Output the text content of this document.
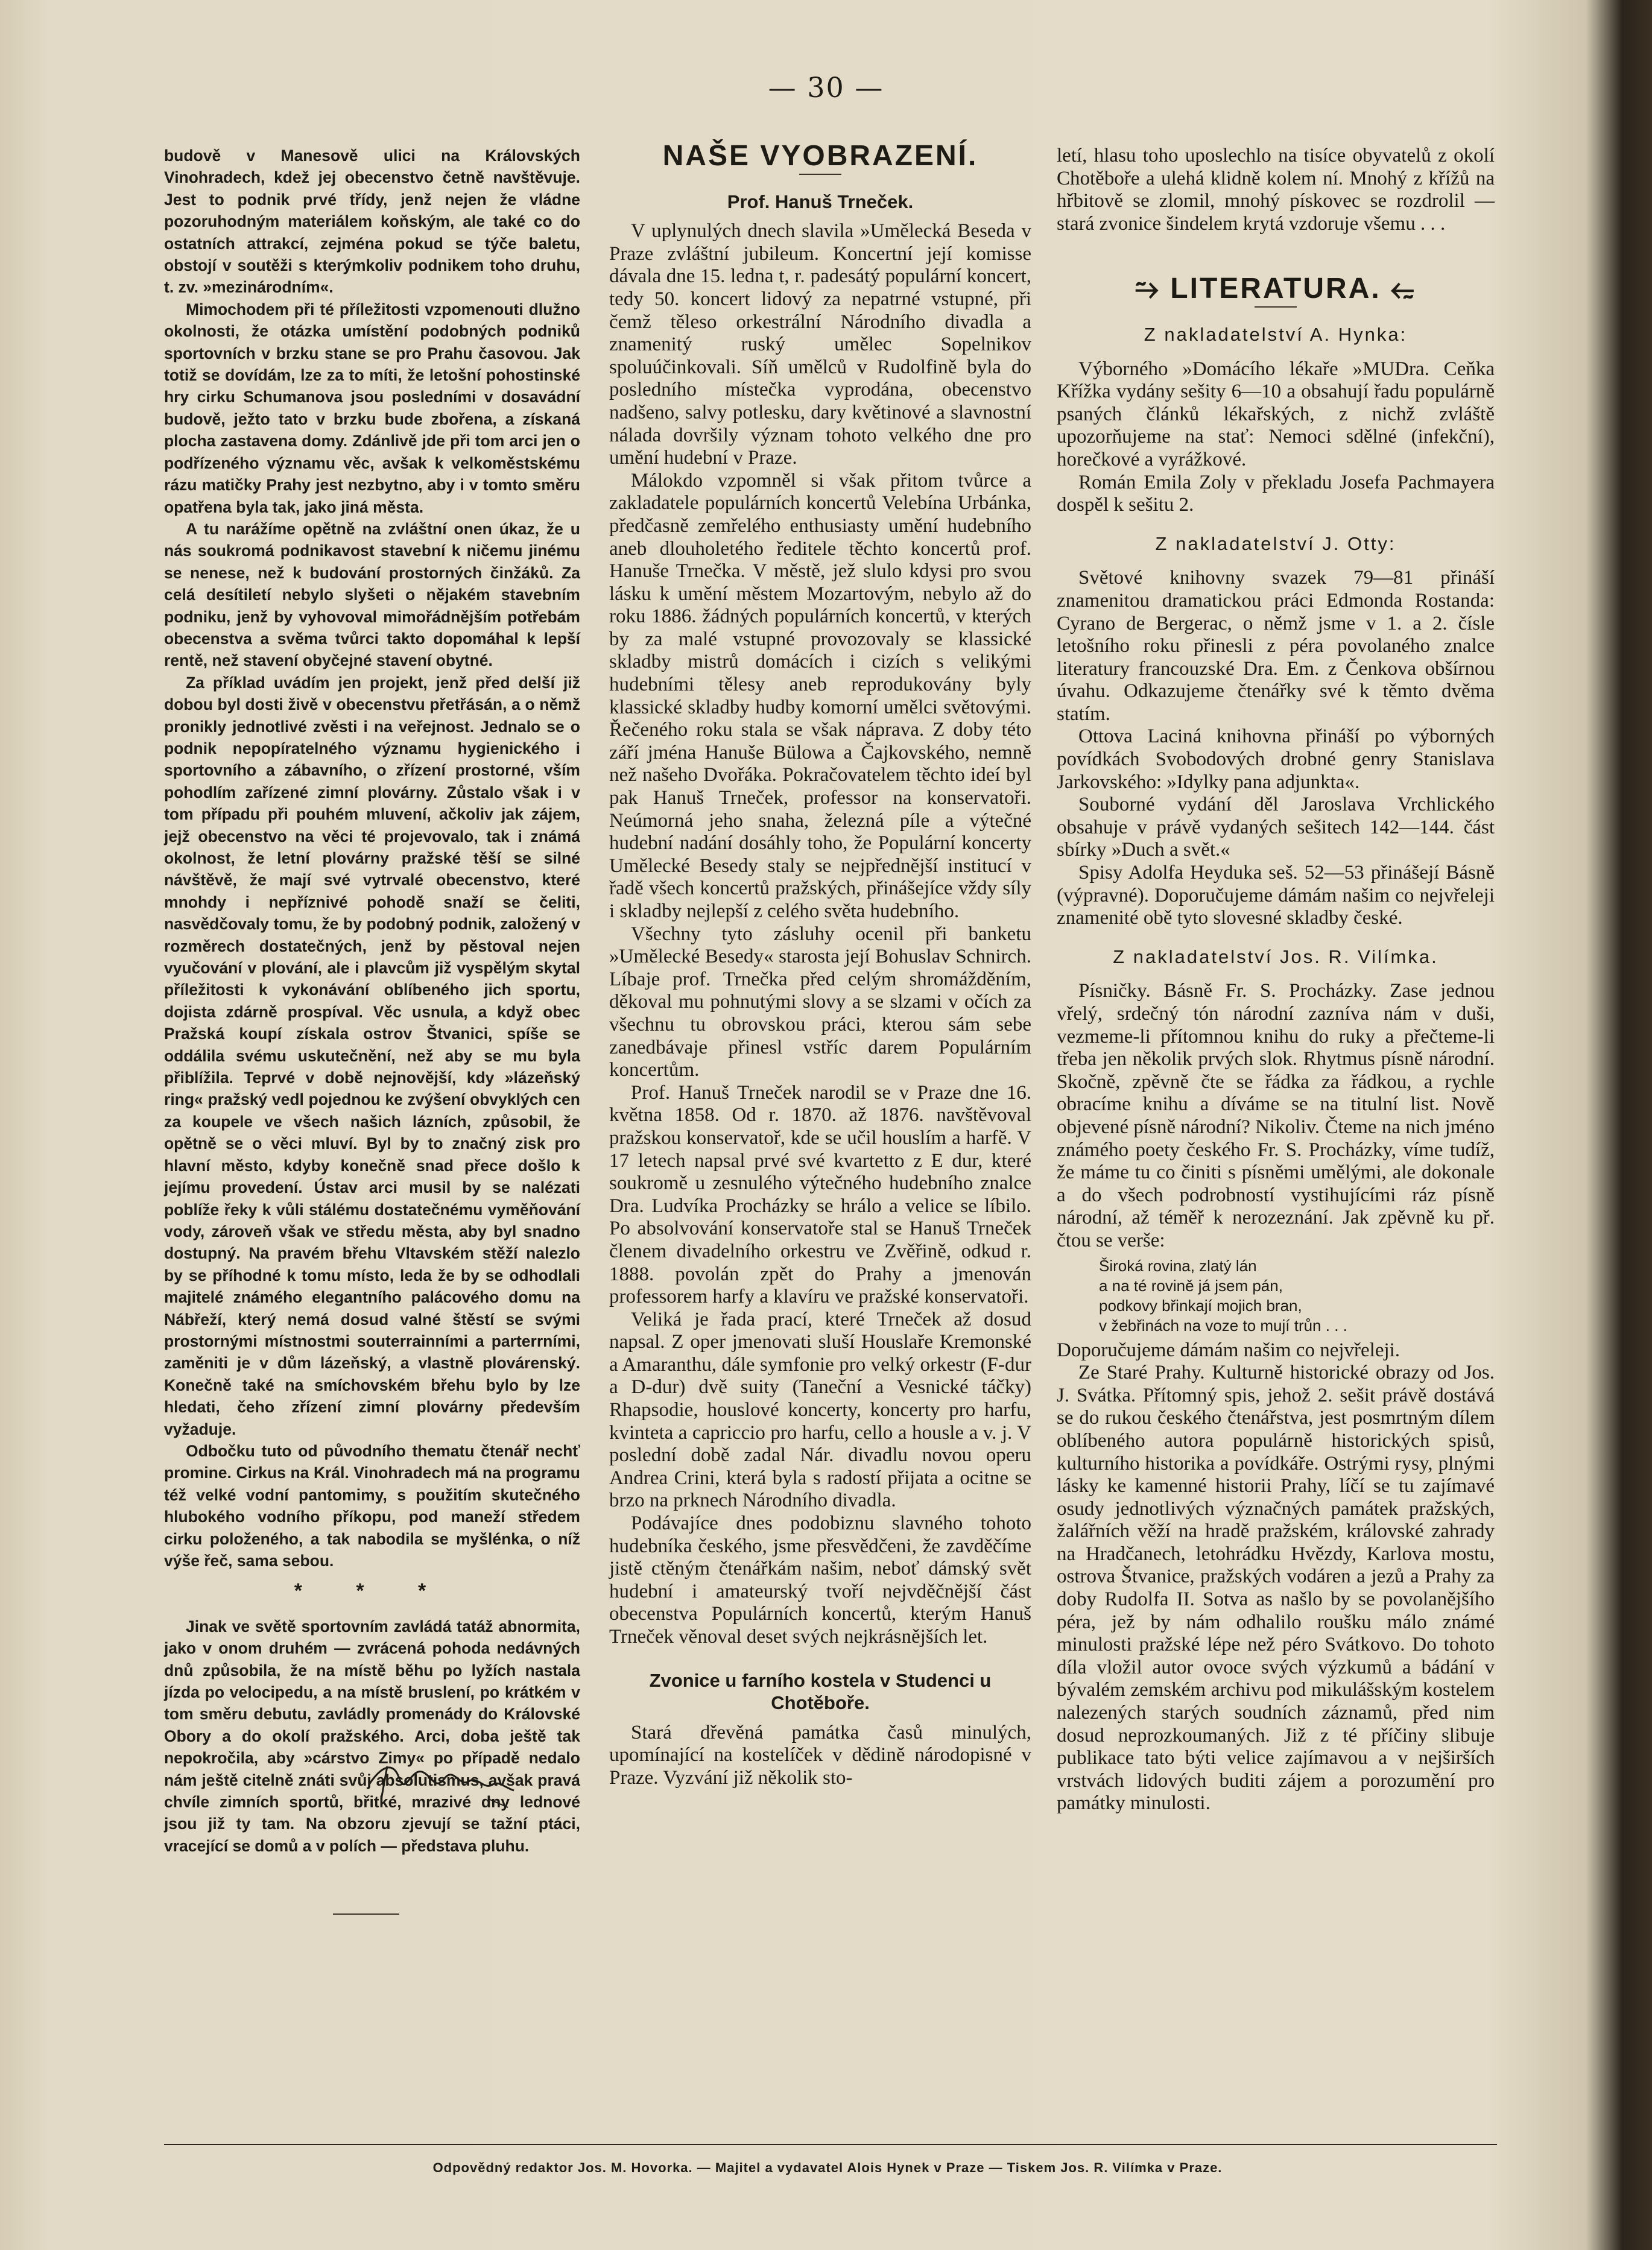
— 30 —

budově v Manesově ulici na Královských Vinohradech, kdež jej obecenstvo četně navštěvuje. Jest to podnik prvé třídy, jenž nejen že vládne pozoruhodným materiálem koňským, ale také co do ostatních attrakcí, zejména pokud se týče baletu, obstojí v soutěži s kterýmkoliv podnikem toho druhu, t. zv. »mezinárodním«.

Mimochodem při té příležitosti vzpomenouti dlužno okolnosti, že otázka umístění podobných podniků sportovních v brzku stane se pro Prahu časovou. Jak totiž se dovídám, lze za to míti, že letošní pohostinské hry cirku Schumanova jsou posledními v dosavádní budově, ježto tato v brzku bude zbořena, a získaná plocha zastavena domy. Zdánlivě jde při tom arci jen o podřízeného významu věc, avšak k velkoměstskému rázu matičky Prahy jest nezbytno, aby i v tomto směru opatřena byla tak, jako jiná města.

A tu narážíme opětně na zvláštní onen úkaz, že u nás soukromá podnikavost stavební k ničemu jinému se nenese, než k budování prostorných činžáků. Za celá desítiletí nebylo slyšeti o nějakém stavebním podniku, jenž by vyhovoval mimořádnějším potřebám obecenstva a svěma tvůrci takto dopomáhal k lepší rentě, než stavení obyčejné stavení obytné.

Za příklad uvádím jen projekt, jenž před delší již dobou byl dosti živě v obecenstvu přetřásán, a o němž pronikly jednotlivé zvěsti i na veřejnost. Jednalo se o podnik nepopíratelného významu hygienického i sportovního a zábavního, o zřízení prostorné, vším pohodlím zařízené zimní plovárny. Zůstalo však i v tom případu při pouhém mluvení, ačkoliv jak zájem, jejž obecenstvo na věci té projevovalo, tak i známá okolnost, že letní plovárny pražské těší se silné návštěvě, že mají své vytrvalé obecenstvo, které mnohdy i nepříznivé pohodě snaží se čeliti, nasvědčovaly tomu, že by podobný podnik, založený v rozměrech dostatečných, jenž by pěstoval nejen vyučování v plování, ale i plavcům již vyspělým skytal příležitosti k vykonávání oblíbeného jich sportu, dojista zdárně prospíval. Věc usnula, a když obec Pražská koupí získala ostrov Štvanici, spíše se oddálila svému uskutečnění, než aby se mu byla přiblížila. Teprvé v době nejnovější, kdy »lázeňský ring« pražský vedl pojednou ke zvýšení obvyklých cen za koupele ve všech našich lázních, způsobil, že opětně se o věci mluví. Byl by to značný zisk pro hlavní město, kdyby konečně snad přece došlo k jejímu provedení. Ústav arci musil by se nalézati poblíže řeky k vůli stálému dostatečnému vyměňování vody, zároveň však ve středu města, aby byl snadno dostupný. Na pravém břehu Vltavském stěží nalezlo by se příhodné k tomu místo, leda že by se odhodlali majitelé známého elegantního palácového domu na Nábřeží, který nemá dosud valné štěstí se svými prostornými místnostmi souterrainními a parterrními, zaměniti je v dům lázeňský, a vlastně plovárenský. Konečně také na smíchovském břehu bylo by lze hledati, čeho zřízení zimní plovárny především vyžaduje.

Odbočku tuto od původního thematu čtenář nechť promine. Cirkus na Král. Vinohradech má na programu též velké vodní pantomimy, s použitím skutečného hlubokého vodního příkopu, pod maneží středem cirku položeného, a tak nabodila se myšlénka, o níž výše řeč, sama sebou.

* * *

Jinak ve světě sportovním zavládá tatáž abnormita, jako v onom druhém — zvrácená pohoda nedávných dnů způsobila, že na místě běhu po lyžích nastala jízda po velocipedu, a na místě bruslení, po krátkém v tom směru debutu, zavládly promenády do Královské Obory a do okolí pražského. Arci, doba ještě tak nepokročila, aby »cárstvo Zimy« po případě nedalo nám ještě citelně znáti svůj absolutismus, avšak pravá chvíle zimních sportů, břitké, mrazivé dny lednové jsou již ty tam. Na obzoru zjevují se tažní ptáci, vracející se domů a v polích — představa pluhu.

NAŠE VYOBRAZENÍ.
Prof. Hanuš Trneček.

V uplynulých dnech slavila »Umělecká Beseda v Praze zvláštní jubileum. Koncertní její komisse dávala dne 15. ledna t, r. padesátý populární koncert, tedy 50. koncert lidový za nepatrné vstupné, při čemž těleso orkestrální Národního divadla a znamenitý ruský umělec Sopelnikov spoluúčinkovali. Síň umělců v Rudolfině byla do posledního místečka vyprodána, obecenstvo nadšeno, salvy potlesku, dary květinové a slavnostní nálada dovršily význam tohoto velkého dne pro umění hudební v Praze.

Málokdo vzpomněl si však přitom tvůrce a zakladatele populárních koncertů Velebína Urbánka, předčasně zemřelého enthusiasty umění hudebního aneb dlouholetého ředitele těchto koncertů prof. Hanuše Trnečka. V městě, jež slulo kdysi pro svou lásku k umění městem Mozartovým, nebylo až do roku 1886. žádných populárních koncertů, v kterých by za malé vstupné provozovaly se klassické skladby mistrů domácích i cizích s velikými hudebními tělesy aneb reprodukovány byly klassické skladby hudby komorní umělci světovými. Řečeného roku stala se však náprava. Z doby této září jména Hanuše Bülowa a Čajkovského, nemně než našeho Dvořáka. Pokračovatelem těchto ideí byl pak Hanuš Trneček, professor na konservatoři. Neúmorná jeho snaha, železná píle a výtečné hudební nadání dosáhly toho, že Populární koncerty Umělecké Besedy staly se nejpřednější institucí v řadě všech koncertů pražských, přinášejíce vždy síly i skladby nejlepší z celého světa hudebního.

Všechny tyto zásluhy ocenil při banketu »Umělecké Besedy« starosta její Bohuslav Schnirch. Líbaje prof. Trnečka před celým shromážděním, děkoval mu pohnutými slovy a se slzami v očích za všechnu tu obrovskou práci, kterou sám sebe zanedbávaje přinesl vstříc darem Populárním koncertům.

Prof. Hanuš Trneček narodil se v Praze dne 16. května 1858. Od r. 1870. až 1876. navštěvoval pražskou konservatoř, kde se učil houslím a harfě. V 17 letech napsal prvé své kvartetto z E dur, které soukromě u zesnulého výtečného hudebního znalce Dra. Ludvíka Procházky se hrálo a velice se líbilo. Po absolvování konservatoře stal se Hanuš Trneček členem divadelního orkestru ve Zvěřině, odkud r. 1888. povolán zpět do Prahy a jmenován professorem harfy a klavíru ve pražské konservatoři.

Veliká je řada prací, které Trneček až dosud napsal. Z oper jmenovati sluší Houslaře Kremonské a Amaranthu, dále symfonie pro velký orkestr (F-dur a D-dur) dvě suity (Taneční a Vesnické táčky) Rhapsodie, houslové koncerty, koncerty pro harfu, kvinteta a capriccio pro harfu, cello a housle a v. j. V poslední době zadal Nár. divadlu novou operu Andrea Crini, která byla s radostí přijata a ocitne se brzo na prknech Národního divadla.

Podávajíce dnes podobiznu slavného tohoto hudebníka českého, jsme přesvědčeni, že zavděčíme jistě ctěným čtenářkám našim, neboť dámský svět hudební i amateurský tvoří nejvděčnější část obecenstva Populárních koncertů, kterým Hanuš Trneček věnoval deset svých nejkrásnějších let.

Zvonice u farního kostela v Studenci u Chotěboře.

Stará dřevěná památka časů minulých, upomínající na kostelíček v dědině národopisné v Praze. Vyzvání již několik sto-

letí, hlasu toho uposlechlo na tisíce obyvatelů z okolí Chotěboře a ulehá klidně kolem ní. Mnohý z křížů na hřbitově se zlomil, mnohý pískovec se rozdrolil — stará zvonice šindelem krytá vzdoruje všemu . . .

⥲ LITERATURA. ⥳
Z nakladatelství A. Hynka:

Výborného »Domácího lékaře »MUDra. Ceňka Křížka vydány sešity 6—10 a obsahují řadu populárně psaných článků lékařských, z nichž zvláště upozorňujeme na stať: Nemoci sdělné (infekční), horečkové a vyrážkové.

Román Emila Zoly v překladu Josefa Pachmayera dospěl k sešitu 2.

Z nakladatelství J. Otty:

Světové knihovny svazek 79—81 přináší znamenitou dramatickou práci Edmonda Rostanda: Cyrano de Bergerac, o němž jsme v 1. a 2. čísle letošního roku přinesli z péra povolaného znalce literatury francouzské Dra. Em. z Čenkova obšírnou úvahu. Odkazujeme čtenářky své k těmto dvěma statím.

Ottova Laciná knihovna přináší po výborných povídkách Svobodových drobné genry Stanislava Jarkovského: »Idylky pana adjunkta«.

Souborné vydání děl Jaroslava Vrchlického obsahuje v právě vydaných sešitech 142—144. část sbírky »Duch a svět.«

Spisy Adolfa Heyduka seš. 52—53 přinášejí Básně (výpravné). Doporučujeme dámám našim co nejvřeleji znamenité obě tyto slovesné skladby české.

Z nakladatelství Jos. R. Vilímka.

Písničky. Básně Fr. S. Procházky. Zase jednou vřelý, srdečný tón národní zazníva nám v duši, vezmeme-li přítomnou knihu do ruky a přečteme-li třeba jen několik prvých slok. Rhytmus písně národní. Skočně, zpěvně čte se řádka za řádkou, a rychle obracíme knihu a díváme se na titulní list. Nově objevené písně národní? Nikoliv. Čteme na nich jméno známého poety českého Fr. S. Procházky, víme tudíž, že máme tu co činiti s písněmi umělými, ale dokonale a do všech podrobností vystihujícími ráz písně národní, až téměř k nerozeznání. Jak zpěvně ku př. čtou se verše:

Široká rovina, zlatý lán
a na té rovině já jsem pán,
podkovy břinkají mojich bran,
v žebřinách na voze to mují trůn . . .

Doporučujeme dámám našim co nejvřeleji.

Ze Staré Prahy. Kulturně historické obrazy od Jos. J. Svátka. Přítomný spis, jehož 2. sešit právě dostává se do rukou českého čtenářstva, jest posmrtným dílem oblíbeného autora populárně historických spisů, kulturního historika a povídkáře. Ostrými rysy, plnými lásky ke kamenné historii Prahy, líčí se tu zajímavé osudy jednotlivých význačných památek pražských, žalářních věží na hradě pražském, královské zahrady na Hradčanech, letohrádku Hvězdy, Karlova mostu, ostrova Štvanice, pražských vodáren a jezů a Prahy za doby Rudolfa II. Sotva as našlo by se povolanějšího péra, jež by nám odhalilo roušku málo známé minulosti pražské lépe než péro Svátkovo. Do tohoto díla vložil autor ovoce svých výzkumů a bádání v bývalém zemském archivu pod mikulášským kostelem nalezených starých soudních záznamů, před nim dosud neprozkoumaných. Již z té příčiny slibuje publikace tato býti velice zajímavou a v nejširších vrstvách lidových buditi zájem a porozumění pro památky minulosti.

Odpovědný redaktor Jos. M. Hovorka. — Majitel a vydavatel Alois Hynek v Praze — Tiskem Jos. R. Vilímka v Praze.
